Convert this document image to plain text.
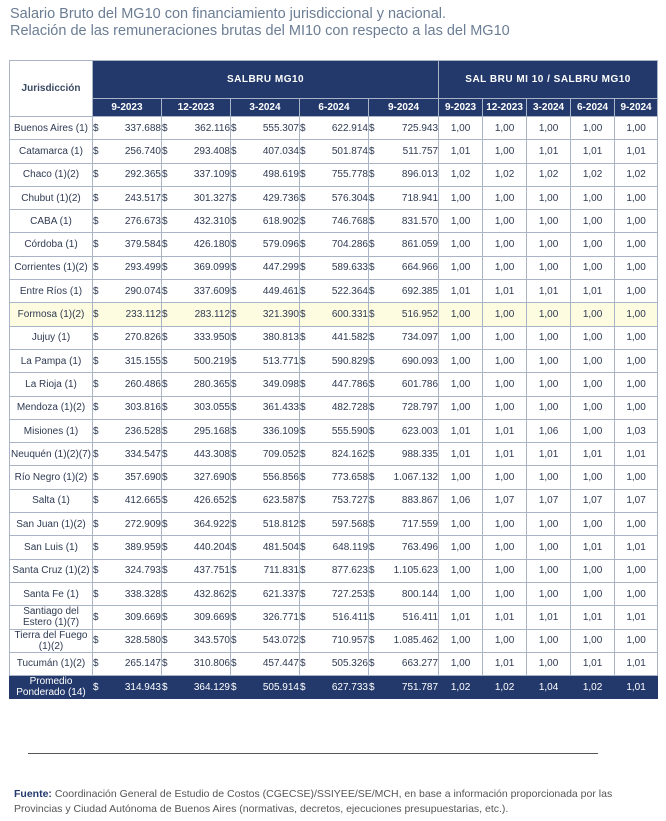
Salario Bruto del MG10 con financiamiento jurisdiccional y nacional.
Relación de las remuneraciones brutas del MI10 con respecto a las del MG10
Jurisdicción	SALBRU MG10					SAL BRU MI 10 / SALBRU MG10				
	9-2023	12-2023	3-2024	6-2024	9-2024	9-2023	12-2023	3-2024	6-2024	9-2024
Buenos Aires (1)	$ 337.688	$ 362.116	$ 555.307	$ 622.914	$ 725.943	1,00	1,00	1,00	1,00	1,00
Catamarca (1)	$ 256.740	$ 293.408	$ 407.034	$ 501.874	$ 511.757	1,01	1,00	1,01	1,01	1,01
Chaco (1)(2)	$ 292.365	$ 337.109	$ 498.619	$ 755.778	$ 896.013	1,02	1,02	1,02	1,02	1,02
Chubut (1)(2)	$ 243.517	$ 301.327	$ 429.736	$ 576.304	$ 718.941	1,00	1,00	1,00	1,00	1,00
CABA (1)	$ 276.673	$ 432.310	$ 618.902	$ 746.768	$ 831.570	1,00	1,00	1,00	1,00	1,00
Córdoba (1)	$ 379.584	$ 426.180	$ 579.096	$ 704.286	$ 861.059	1,00	1,00	1,00	1,00	1,00
Corrientes (1)(2)	$ 293.499	$ 369.099	$ 447.299	$ 589.633	$ 664.966	1,00	1,00	1,00	1,00	1,00
Entre Ríos (1)	$ 290.074	$ 337.609	$ 449.461	$ 522.364	$ 692.385	1,01	1,01	1,01	1,01	1,00
Formosa (1)(2)	$ 233.112	$ 283.112	$ 321.390	$ 600.331	$ 516.952	1,00	1,00	1,00	1,00	1,00
Jujuy (1)	$ 270.826	$ 333.950	$ 380.813	$ 441.582	$ 734.097	1,00	1,00	1,00	1,00	1,00
La Pampa (1)	$ 315.155	$ 500.219	$ 513.771	$ 590.829	$ 690.093	1,00	1,00	1,00	1,00	1,00
La Rioja (1)	$ 260.486	$ 280.365	$ 349.098	$ 447.786	$ 601.786	1,00	1,00	1,00	1,00	1,00
Mendoza (1)(2)	$ 303.816	$ 303.055	$ 361.433	$ 482.728	$ 728.797	1,00	1,00	1,00	1,00	1,00
Misiones (1)	$ 236.528	$ 295.168	$ 336.109	$ 555.590	$ 623.003	1,01	1,01	1,06	1,00	1,03
Neuquén (1)(2)(7)	$ 334.547	$ 443.308	$ 709.052	$ 824.162	$ 988.335	1,01	1,01	1,01	1,01	1,01
Río Negro (1)(2)	$ 357.690	$ 327.690	$ 556.856	$ 773.658	$ 1.067.132	1,00	1,00	1,00	1,00	1,00
Salta (1)	$ 412.665	$ 426.652	$ 623.587	$ 753.727	$ 883.867	1,06	1,07	1,07	1,07	1,07
San Juan (1)(2)	$ 272.909	$ 364.922	$ 518.812	$ 597.568	$ 717.559	1,00	1,00	1,00	1,00	1,00
San Luis (1)	$ 389.959	$ 440.204	$ 481.504	$ 648.119	$ 763.496	1,00	1,00	1,00	1,01	1,01
Santa Cruz (1)(2)	$ 324.793	$ 437.751	$ 711.831	$ 877.623	$ 1.105.623	1,00	1,00	1,00	1,00	1,00
Santa Fe (1)	$ 338.328	$ 432.862	$ 621.337	$ 727.253	$ 800.144	1,00	1,00	1,00	1,00	1,00
Santiago del Estero (1)(7)	$ 309.669	$ 309.669	$ 326.771	$ 516.411	$ 516.411	1,01	1,01	1,01	1,01	1,01
Tierra del Fuego (1)(2)	$ 328.580	$ 343.570	$ 543.072	$ 710.957	$ 1.085.462	1,00	1,00	1,00	1,00	1,00
Tucumán (1)(2)	$ 265.147	$ 310.806	$ 457.447	$ 505.326	$ 663.277	1,00	1,01	1,00	1,01	1,01
Promedio Ponderado (14)	$ 314.943	$ 364.129	$ 505.914	$ 627.733	$ 751.787	1,02	1,02	1,04	1,02	1,01
Fuente: Coordinación General de Estudio de Costos (CGECSE)/SSIYEE/SE/MCH, en base a información proporcionada por las Provincias y Ciudad Autónoma de Buenos Aires (normativas, decretos, ejecuciones presupuestarias, etc.).
